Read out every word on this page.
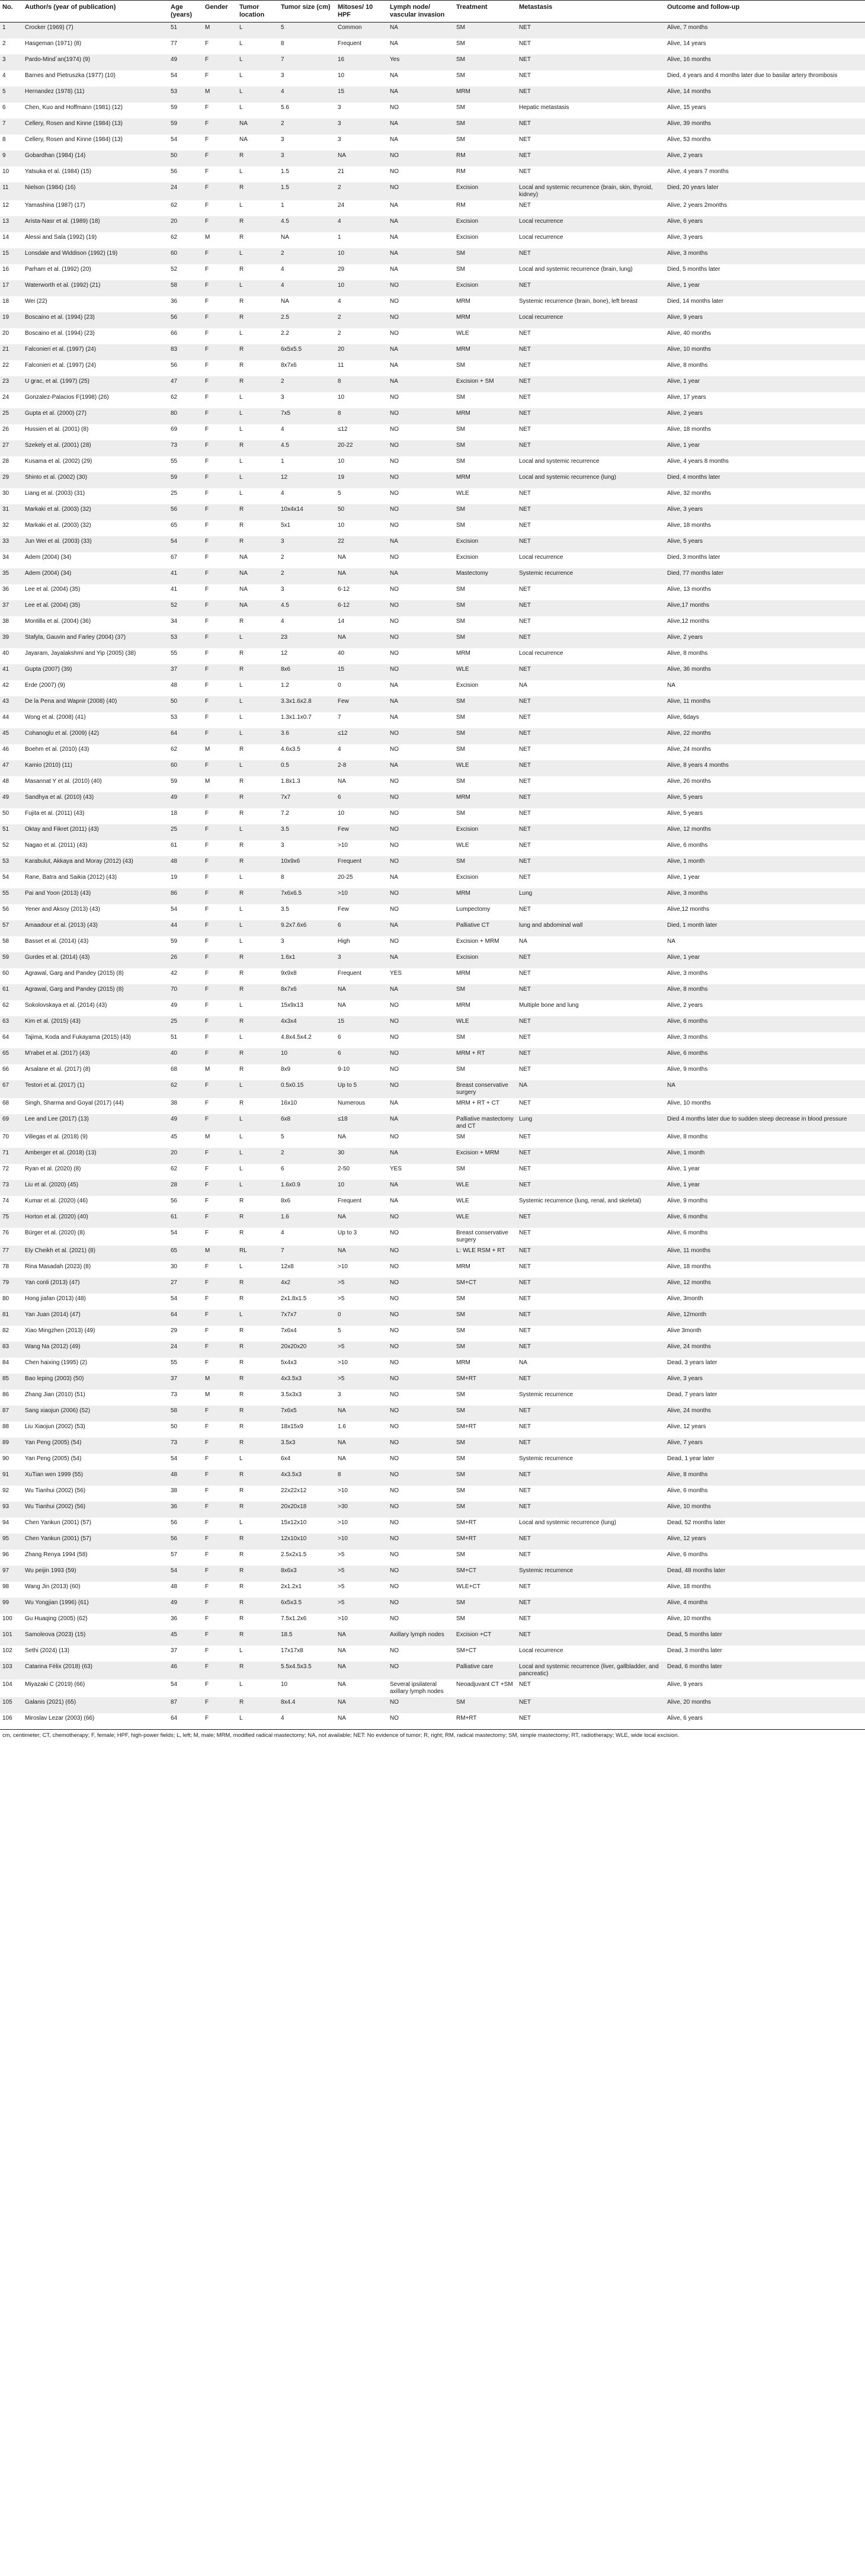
No.	Author/s (year of publication)	Age (years)	Gender	Tumor location	Tumor size (cm)	Mitoses/ 10 HPF	Lymph node/ vascular invasion	Treatment	Metastasis	Outcome and follow-up
1	Crocker (1969) (7)	51	M	L	5	Common	NA	SM	NET	Alive, 7 months
2	Hasgeman (1971) (8)	77	F	L	8	Frequent	NA	SM	NET	Alive, 14 years
3	Pardo-Mind´an(1974) (9)	49	F	L	7	16	Yes	SM	NET	Alive, 16 months
4	Barnes and Pietruszka (1977) (10)	54	F	L	3	10	NA	SM	NET	Died, 4 years and 4 months later due to basilar artery thrombosis
5	Hernandez (1978) (11)	53	M	L	4	15	NA	MRM	NET	Alive, 14 months
6	Chen, Kuo and Hoffmann (1981) (12)	59	F	L	5.6	3	NO	SM	Hepatic metastasis	Alive, 15 years
7	Cellery, Rosen and Kinne (1984) (13)	59	F	NA	2	3	NA	SM	NET	Alive, 39 months
8	Cellery, Rosen and Kinne (1984) (13)	54	F	NA	3	3	NA	SM	NET	Alive, 53 months
9	Gobardhan (1984) (14)	50	F	R	3	NA	NO	RM	NET	Alive, 2 years
10	Yatsuka et al. (1984) (15)	56	F	L	1.5	21	NO	RM	NET	Alive, 4 years 7 months
11	Nielson (1984) (16)	24	F	R	1.5	2	NO	Excision	Local and systemic recurrence (brain, skin, thyroid, kidney)	Died, 20 years later
12	Yamashina (1987) (17)	62	F	L	1	24	NA	RM	NET	Alive, 2 years 2months
13	Arista-Nasr et al. (1989) (18)	20	F	R	4.5	4	NA	Excision	Local recurrence	Alive, 6 years
14	Alessi and Sala (1992) (19)	62	M	R	NA	1	NA	Excision	Local recurrence	Alive, 3 years
15	Lonsdale and Widdison (1992) (19)	60	F	L	2	10	NA	SM	NET	Alive, 3 months
16	Parham et al. (1992) (20)	52	F	R	4	29	NA	SM	Local and systemic recurrence (brain, lung)	Died, 5 months later
17	Waterworth et al. (1992) (21)	58	F	L	4	10	NO	Excision	NET	Alive, 1 year
18	Wei (22)	36	F	R	NA	4	NO	MRM	Systemic recurrence (brain, bone), left breast	Died, 14 months later
19	Boscaino et al. (1994) (23)	56	F	R	2.5	2	NO	MRM	Local recurrence	Alive, 9 years
20	Boscaino et al. (1994) (23)	66	F	L	2.2	2	NO	WLE	NET	Alive, 40 months
21	Falconieri et al. (1997) (24)	83	F	R	6x5x5.5	20	NA	MRM	NET	Alive, 10 months
22	Falconieri et al. (1997) (24)	56	F	R	8x7x6	11	NA	SM	NET	Alive, 8 months
23	U grac, et al. (1997) (25)	47	F	R	2	8	NA	Excision + SM	NET	Alive, 1 year
24	Gonzalez-Palacios F(1998) (26)	62	F	L	3	10	NO	SM	NET	Alive, 17 years
25	Gupta et al. (2000) (27)	80	F	L	7x5	8	NO	MRM	NET	Alive, 2 years
26	Hussien et al. (2001) (8)	69	F	L	4	≤12	NO	SM	NET	Alive, 18 months
27	Szekely et al. (2001) (28)	73	F	R	4.5	20-22	NO	SM	NET	Alive, 1 year
28	Kusama et al. (2002) (29)	55	F	L	1	10	NO	SM	Local and systemic recurrence	Alive, 4 years 8 months
29	Shinto et al. (2002) (30)	59	F	L	12	19	NO	MRM	Local and systemic recurrence (lung)	Died, 4 months later
30	Liang et al. (2003) (31)	25	F	L	4	5	NO	WLE	NET	Alive, 32 months
31	Markaki et al. (2003) (32)	56	F	R	10x4x14	50	NO	SM	NET	Alive, 3 years
32	Markaki et al. (2003) (32)	65	F	R	5x1	10	NO	SM	NET	Alive, 18 months
33	Jun Wei et al. (2003) (33)	54	F	R	3	22	NA	Excision	NET	Alive, 5 years
34	Adem (2004) (34)	67	F	NA	2	NA	NO	Excision	Local recurrence	Died, 3 months later
35	Adem (2004) (34)	41	F	NA	2	NA	NA	Mastectomy	Systemic recurrence	Died, 77 months later
36	Lee et al. (2004) (35)	41	F	NA	3	6-12	NO	SM	NET	Alive, 13 months
37	Lee et al. (2004) (35)	52	F	NA	4.5	6-12	NO	SM	NET	Alive,17 months
38	Montilla et al. (2004) (36)	34	F	R	4	14	NO	SM	NET	Alive,12 months
39	Stafyla, Gauvin and Farley (2004) (37)	53	F	L	23	NA	NO	SM	NET	Alive, 2 years
40	Jayaram, Jayalakshmi and Yip (2005) (38)	55	F	R	12	40	NO	MRM	Local recurrence	Alive, 8 months
41	Gupta (2007) (39)	37	F	R	8x6	15	NO	WLE	NET	Alive, 36 months
42	Erde (2007) (9)	48	F	L	1.2	0	NA	Excision	NA	NA
43	De la Pena and Wapnir (2008) (40)	50	F	L	3.3x1.6x2.8	Few	NA	SM	NET	Alive, 11 months
44	Wong et al. (2008) (41)	53	F	L	1.3x1.1x0.7	7	NA	SM	NET	Alive, 6days
45	Cohanoglu et al. (2009) (42)	64	F	L	3.6	≤12	NO	SM	NET	Alive, 22 months
46	Boehm et al. (2010) (43)	62	M	R	4.6x3.5	4	NO	SM	NET	Alive, 24 months
47	Kamio (2010) (11)	60	F	L	0.5	2-8	NA	WLE	NET	Alive, 8 years 4 months
48	Masannat Y et al. (2010) (40)	59	M	R	1.8x1.3	NA	NO	SM	NET	Alive, 26 months
49	Sandhya et al. (2010) (43)	49	F	R	7x7	6	NO	MRM	NET	Alive, 5 years
50	Fujita et al. (2011) (43)	18	F	R	7.2	10	NO	SM	NET	Alive, 5 years
51	Oktay and Fikret (2011) (43)	25	F	L	3.5	Few	NO	Excision	NET	Alive, 12 months
52	Nagao et al. (2011) (43)	61	F	R	3	>10	NO	WLE	NET	Alive, 6 months
53	Karabulut, Akkaya and Moray (2012) (43)	48	F	R	10x9x6	Frequent	NO	SM	NET	Alive, 1 month
54	Rane, Batra and Saikia (2012) (43)	19	F	L	8	20-25	NA	Excision	NET	Alive, 1 year
55	Pai and Yoon (2013) (43)	86	F	R	7x6x6.5	>10	NO	MRM	Lung	Alive, 3 months
56	Yener and Aksoy (2013) (43)	54	F	L	3.5	Few	NO	Lumpectomy	NET	Alive,12 months
57	Amaadour et al. (2013) (43)	44	F	L	9.2x7.6x6	6	NA	Palliative CT	lung and abdominal wall	Died, 1 month later
58	Basset et al. (2014) (43)	59	F	L	3	High	NO	Excision + MRM	NA	NA
59	Gurdes et al. (2014) (43)	26	F	R	1.6x1	3	NA	Excision	NET	Alive, 1 year
60	Agrawal, Garg and Pandey (2015) (8)	42	F	R	9x9x8	Frequent	YES	MRM	NET	Alive, 3 months
61	Agrawal, Garg and Pandey (2015) (8)	70	F	R	8x7x6	NA	NA	SM	NET	Alive, 8 months
62	Sokolovskaya et al. (2014) (43)	49	F	L	15x9x13	NA	NO	MRM	Multiple bone and lung	Alive, 2 years
63	Kim et al. (2015) (43)	25	F	R	4x3x4	15	NO	WLE	NET	Alive, 6 months
64	Tajima, Koda and Fukayama (2015) (43)	51	F	L	4.8x4.5x4.2	6	NO	SM	NET	Alive, 3 months
65	M'rabet et al. (2017) (43)	40	F	R	10	6	NO	MRM + RT	NET	Alive, 6 months
66	Arsalane et al. (2017) (8)	68	M	R	8x9	9-10	NO	SM	NET	Alive, 9 months
67	Testori et al. (2017) (1)	62	F	L	0.5x0.15	Up to 5	NO	Breast conservative surgery	NA	NA
68	Singh, Sharma and Goyal (2017) (44)	38	F	R	16x10	Numerous	NA	MRM + RT + CT	NET	Alive, 10 months
69	Lee and Lee (2017) (13)	49	F	L	6x8	≤18	NA	Palliative mastectomy and CT	Lung	Died 4 months later due to sudden steep decrease in blood pressure
70	Villegas et al. (2018) (9)	45	M	L	5	NA	NO	SM	NET	Alive, 8 months
71	Amberger et al. (2018) (13)	20	F	L	2	30	NA	Excision + MRM	NET	Alive, 1 month
72	Ryan et al. (2020) (8)	62	F	L	6	2-50	YES	SM	NET	Alive, 1 year
73	Liu et al. (2020) (45)	28	F	L	1.6x0.9	10	NA	WLE	NET	Alive, 1 year
74	Kumar et al. (2020) (46)	56	F	R	8x6	Frequent	NA	WLE	Systemic recurrence (lung, renal, and skeletal)	Alive, 9 months
75	Horton et al. (2020) (40)	61	F	R	1.6	NA	NO	WLE	NET	Alive, 6 months
76	Bürger et al. (2020) (8)	54	F	R	4	Up to 3	NO	Breast conservative surgery	NET	Alive, 6 months
77	Ely Cheikh et al. (2021) (8)	65	M	RL	7	NA	NO	L: WLE RSM + RT	NET	Alive, 11 months
78	Rina Masadah (2023) (8)	30	F	L	12x8	>10	NO	MRM	NET	Alive, 18 months
79	Yan conli (2013) (47)	27	F	R	4x2	>5	NO	SM+CT	NET	Alive, 12 months
80	Hong jiafan (2013) (48)	54	F	R	2x1.8x1.5	>5	NO	SM	NET	Alive, 3month
81	Yan Juan (2014) (47)	64	F	L	7x7x7	0	NO	SM	NET	Alive, 12month
82	Xiao Mingzhen (2013) (49)	29	F	R	7x6x4	5	NO	SM	NET	Alive 3month
83	Wang Na (2012) (49)	24	F	R	20x20x20	>5	NO	SM	NET	Alive, 24 months
84	Chen haixing (1995) (2)	55	F	R	5x4x3	>10	NO	MRM	NA	Dead, 3 years later
85	Bao leping (2003) (50)	37	M	R	4x3.5x3	>5	NO	SM+RT	NET	Alive, 3 years
86	Zhang Jian (2010) (51)	73	M	R	3.5x3x3	3	NO	SM	Systemic recurrence	Dead, 7 years later
87	Sang xiaojun (2006) (52)	58	F	R	7x6x5	NA	NO	SM	NET	Alive, 24 months
88	Liu Xiaojun (2002) (53)	50	F	R	18x15x9	1.6	NO	SM+RT	NET	Alive, 12 years
89	Yan Peng (2005) (54)	73	F	R	3.5x3	NA	NO	SM	NET	Alive, 7 years
90	Yan Peng (2005) (54)	54	F	L	6x4	NA	NO	SM	Systemic recurrence	Dead, 1 year later
91	XuTian wen 1999 (55)	48	F	R	4x3.5x3	8	NO	SM	NET	Alive, 8 months
92	Wu Tianhui (2002) (56)	38	F	R	22x22x12	>10	NO	SM	NET	Alive, 6 months
93	Wu Tianhui (2002) (56)	36	F	R	20x20x18	>30	NO	SM	NET	Alive, 10 months
94	Chen Yankun (2001) (57)	56	F	L	15x12x10	>10	NO	SM+RT	Local and systemic recurrence (lung)	Dead, 52 months later
95	Chen Yankun (2001) (57)	56	F	R	12x10x10	>10	NO	SM+RT	NET	Alive, 12 years
96	Zhang Renya 1994 (58)	57	F	R	2.5x2x1.5	>5	NO	SM	NET	Alive, 6 months
97	Wu peijin 1993 (59)	54	F	R	8x6x3	>5	NO	SM+CT	Systemic recurrence	Dead, 48 months later
98	Wang Jin (2013) (60)	48	F	R	2x1.2x1	>5	NO	WLE+CT	NET	Alive, 18 months
99	Wu Yongjian (1996) (61)	49	F	R	6x5x3.5	>5	NO	SM	NET	Alive, 4 months
100	Gu Huaqing (2005) (62)	36	F	R	7.5x1.2x6	>10	NO	SM	NET	Alive, 10 months
101	Samoleova (2023) (15)	45	F	R	18.5	NA	Axillary lymph nodes	Excision +CT	NET	Dead, 5 months later
102	Sethi (2024) (13)	37	F	L	17x17x8	NA	NO	SM+CT	Local recurrence	Dead, 3 months later
103	Catarina Félix (2018) (63)	46	F	R	5.5x4.5x3.5	NA	NO	Palliative care	Local and systemic recurrence (liver, gallbladder, and pancreatic)	Dead, 6 months later
104	Miyazaki C (2019) (66)	54	F	L	10	NA	Several ipsilateral axillary lymph nodes	Neoadjuvant CT +SM	NET	Alive, 9 years
105	Galanis (2021) (65)	87	F	R	8x4.4	NA	NO	SM	NET	Alive, 20 months
106	Miroslav Lezar (2003) (66)	64	F	L	4	NA	NO	RM+RT	NET	Alive, 6 years
cm, centimeter; CT, chemotherapy; F, female; HPF, high-power fields; L, left; M, male; MRM, modified radical mastectomy; NA, not available; NET: No evidence of tumor; R, right; RM, radical mastectomy; SM, simple mastectomy; RT, radiotherapy; WLE, wide local excision.
